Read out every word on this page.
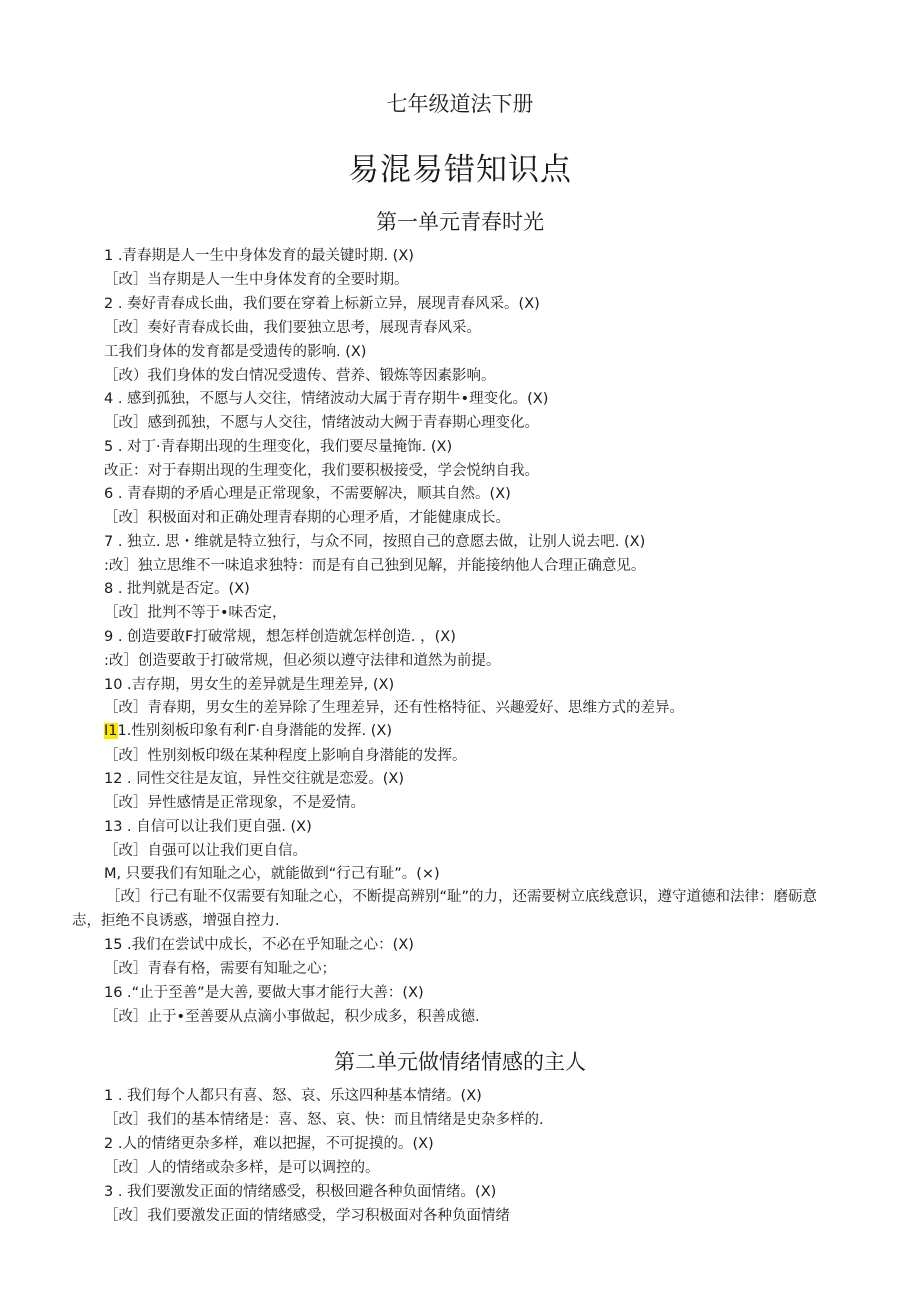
七年级道法下册
易混易错知识点
第一单元青春时光

1 .青春期是人一生中身体发育的最关键时期. (X)

［改］当存期是人一生中身体发育的全要时期。

2 . 奏好青春成长曲，我们要在穿着上标新立异，展现青春风采。(X)

［改］奏好青春成长曲，我们要独立思考，展现青春风采。

工我们身体的发育都是受遗传的影响. (X)

［改）我们身体的发白情况受遗传、营养、锻炼等因素影响。

4 . 感到孤独，不愿与人交往，情绪波动大属于青存期牛•理变化。(X)

［改］感到孤独，不愿与人交往，情绪波动大阙于青春期心理变化。

5 . 对丁·青春期出现的生理变化，我们要尽量掩饰. (X)

改正：对于春期出现的生理变化，我们要积极接受，学会悦纳自我。

6 . 青春期的矛盾心理是正常现象，不需要解决，顺其自然。(X)

［改］积极面对和正确处理青春期的心理矛盾，才能健康成长。

7 . 独立. 思・维就是特立独行，与众不同，按照自己的意愿去做，让别人说去吧. (X)

:改］独立思维不一味追求独特：而是有自己独到见解，并能接纳他人合理正确意见。

8 . 批判就是否定。(X)

［改］批判不等于•味否定，

9 . 创造要敢F打破常规，想怎样创造就怎样创造. ，(X)

:改］创造要敢于打破常规，但必须以遵守法律和道然为前提。

10 .吉存期，男女生的差异就是生理差异, (X)

［改］青春期，男女生的差异除了生理差异，还有性格特征、兴趣爱好、思维方式的差异。

I11.性别刻板印象有利Γ·自身潜能的发挥. (X)

［改］性别刻板印级在某种程度上影响自身潜能的发挥。

12 . 同性交往是友谊，异性交往就是恋爱。(X)

［改］异性感情是正常现象，不是爱情。

13 . 自信可以让我们更自强. (X)

［改］自强可以让我们更自信。

M, 只要我们有知耻之心，就能做到“行己有耻”。(×)

［改］行己有耻不仅需要有知耻之心，不断提高辨别“耻”的力，还需要树立底线意识，遵守道德和法律：磨砺意志，拒绝不良诱惑，增强自控力.

15 .我们在尝试中成长，不必在乎知耻之心：(X)

［改］青春有格，需要有知耻之心；

16 .“止于至善”是大善, 要做大事才能行大善：(X)

［改］止于•至善要从点滴小事做起，积少成多，积善成德.

第二单元做情绪情感的主人

1 . 我们每个人都只有喜、怒、哀、乐这四种基本情绪。(X)

［改］我们的基本情绪是：喜、怒、哀、快：而且情绪是史杂多样的.

2 .人的情绪更杂多样，难以把握，不可捉摸的。(X)

［改］人的情绪或杂多样，是可以调控的。

3 . 我们要激发正面的情绪感受，积极回避各种负面情绪。(X)

［改］我们要激发正面的情绪感受，学习积极面对各种负面情绪
